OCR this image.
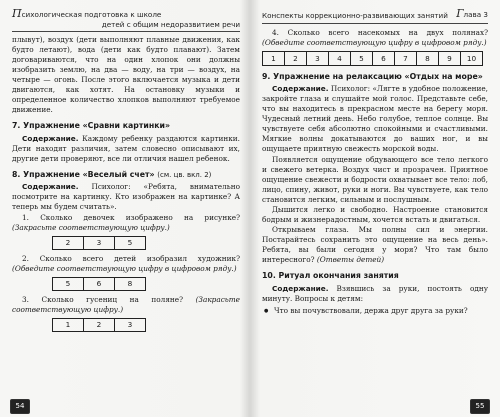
Психологическая подготовка к школе
детей с общим недоразвитием речи

плывут), воздух (дети выполняют плавные движения, как будто летают), вода (дети как будто плавают). Затем договариваются, что на один хлопок они должны изобразить землю, на два — воду, на три — воздух, на четыре — огонь. После этого включается музыка и дети двигаются, как хотят. На остановку музыки и определенное количество хлопков выполняют требуемое движение.

7. Упражнение «Сравни картинки»

Содержание. Каждому ребенку раздаются картинки. Дети находят различия, затем словесно описывают их, другие дети проверяют, все ли отличия нашел ребенок.

8. Упражнение «Веселый счет» (см. цв. вкл. 2)

Содержание. Психолог: «Ребята, внимательно посмотрите на картинку. Кто изображен на картинке? А теперь мы будем считать».

1. Сколько девочек изображено на рисунке? (Закрасьте соответствующую цифру.)

2	3	5

2. Сколько всего детей изобразил художник? (Обведите соответствующую цифру в цифровом ряду.)

5	6	8

3. Сколько гусениц на поляне? (Закрасьте соответствующую цифру.)

1	2	3
54
Конспекты коррекционно-развивающих занятий Глава 3

4. Сколько всего насекомых на двух полянах? (Обведите соответствующую цифру в цифровом ряду.)

1	2	3	4	5	6	7	8	9	10
9. Упражнение на релаксацию «Отдых на море»

Содержание. Психолог: «Лягте в удобное положение, закройте глаза и слушайте мой голос. Представьте себе, что вы находитесь в прекрасном месте на берегу моря. Чудесный летний день. Небо голубое, теплое солнце. Вы чувствуете себя абсолютно спокойными и счастливыми. Мягкие волны докатываются до ваших ног, и вы ощущаете приятную свежесть морской воды.

Появляется ощущение обдувающего все тело легкого и свежего ветерка. Воздух чист и прозрачен. Приятное ощущение свежести и бодрости охватывает все тело: лоб, лицо, спину, живот, руки и ноги. Вы чувствуете, как тело становится легким, сильным и послушным.

Дышится легко и свободно. Настроение становится бодрым и жизнерадостным, хочется встать и двигаться.

Открываем глаза. Мы полны сил и энергии. Постарайтесь сохранить это ощущение на весь день». Ребята, вы были сегодня у моря? Что там было интересного? (Ответы детей)

10. Ритуал окончания занятия

Содержание. Взявшись за руки, постоять одну минуту. Вопросы к детям:

● Что вы почувствовали, держа друг друга за руки?
55
